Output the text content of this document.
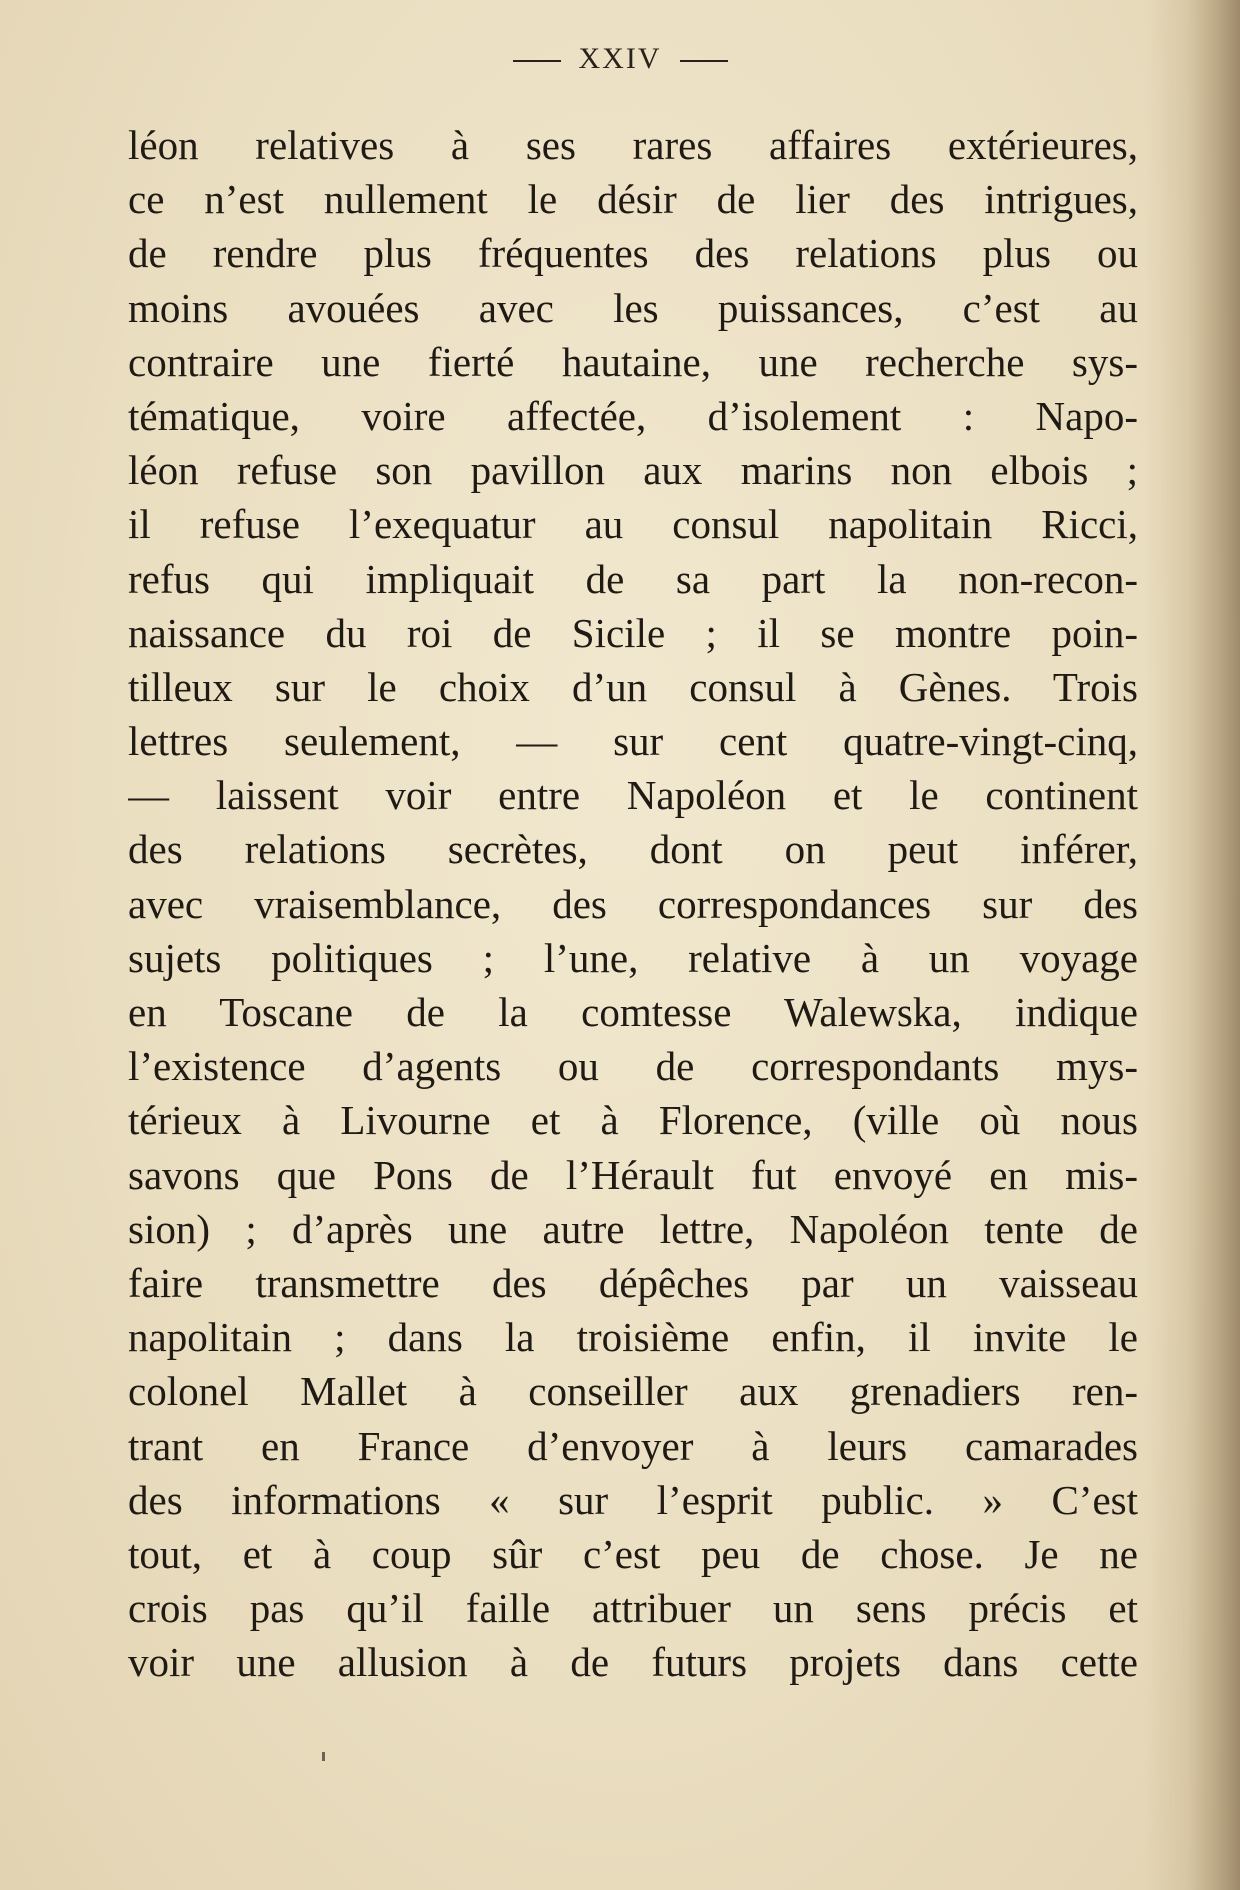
XXIV
léon relatives à ses rares affaires extérieures,
ce n’est nullement le désir de lier des intrigues,
de rendre plus fréquentes des relations plus ou
moins avouées avec les puissances, c’est au
contraire une fierté hautaine, une recherche sys-
tématique, voire affectée, d’isolement : Napo-
léon refuse son pavillon aux marins non elbois ;
il refuse l’exequatur au consul napolitain Ricci,
refus qui impliquait de sa part la non-recon-
naissance du roi de Sicile ; il se montre poin-
tilleux sur le choix d’un consul à Gènes. Trois
lettres seulement, — sur cent quatre-vingt-cinq,
— laissent voir entre Napoléon et le continent
des relations secrètes, dont on peut inférer,
avec vraisemblance, des correspondances sur des
sujets politiques ; l’une, relative à un voyage
en Toscane de la comtesse Walewska, indique
l’existence d’agents ou de correspondants mys-
térieux à Livourne et à Florence, (ville où nous
savons que Pons de l’Hérault fut envoyé en mis-
sion) ; d’après une autre lettre, Napoléon tente de
faire transmettre des dépêches par un vaisseau
napolitain ; dans la troisième enfin, il invite le
colonel Mallet à conseiller aux grenadiers ren-
trant en France d’envoyer à leurs camarades
des informations « sur l’esprit public. » C’est
tout, et à coup sûr c’est peu de chose. Je ne
crois pas qu’il faille attribuer un sens précis et
voir une allusion à de futurs projets dans cette
